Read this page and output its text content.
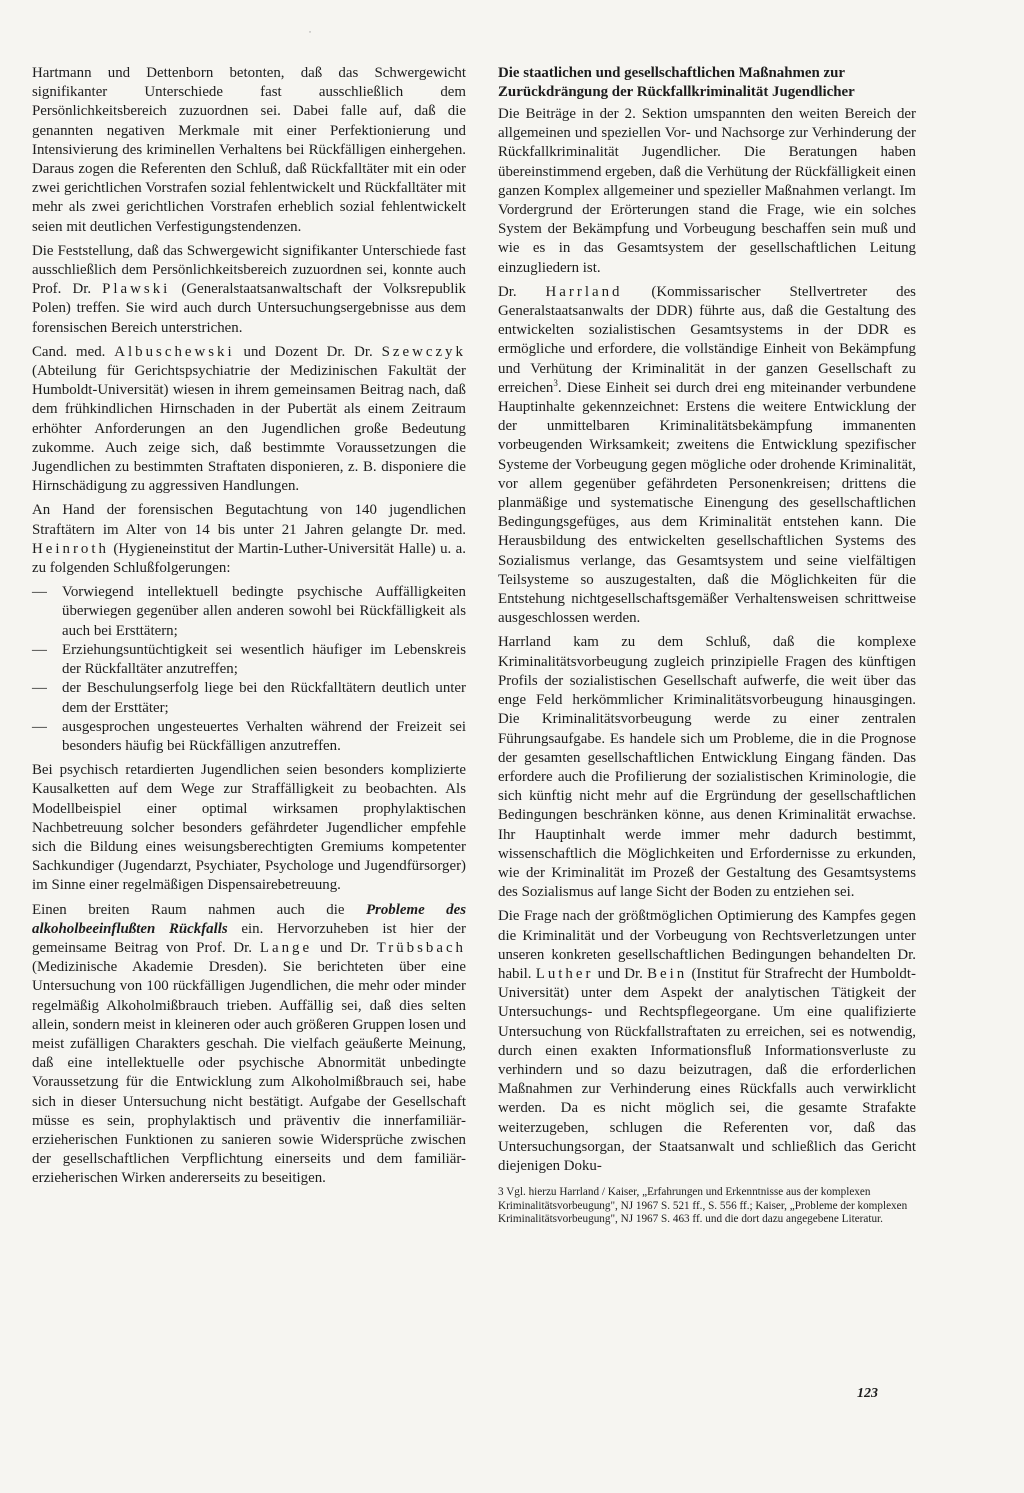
˙

Hartmann und Dettenborn betonten, daß das Schwergewicht signifikanter Unterschiede fast ausschließlich dem Persönlichkeitsbereich zuzuordnen sei. Dabei falle auf, daß die genannten negativen Merkmale mit einer Perfektionierung und Intensivierung des kriminellen Verhaltens bei Rückfälligen einhergehen. Daraus zogen die Referenten den Schluß, daß Rückfalltäter mit ein oder zwei gerichtlichen Vorstrafen sozial fehlentwickelt und Rückfalltäter mit mehr als zwei gerichtlichen Vorstrafen erheblich sozial fehlentwickelt seien mit deutlichen Verfestigungstendenzen.

Die Feststellung, daß das Schwergewicht signifikanter Unterschiede fast ausschließlich dem Persönlichkeitsbereich zuzuordnen sei, konnte auch Prof. Dr. Plawski (Generalstaatsanwaltschaft der Volksrepublik Polen) treffen. Sie wird auch durch Untersuchungsergebnisse aus dem forensischen Bereich unterstrichen.

Cand. med. Albuschewski und Dozent Dr. Dr. Szewczyk (Abteilung für Gerichtspsychiatrie der Medizinischen Fakultät der Humboldt-Universität) wiesen in ihrem gemeinsamen Beitrag nach, daß dem frühkindlichen Hirnschaden in der Pubertät als einem Zeitraum erhöhter Anforderungen an den Jugendlichen große Bedeutung zukomme. Auch zeige sich, daß bestimmte Voraussetzungen die Jugendlichen zu bestimmten Straftaten disponieren, z. B. disponiere die Hirnschädigung zu aggressiven Handlungen.

An Hand der forensischen Begutachtung von 140 jugendlichen Straftätern im Alter von 14 bis unter 21 Jahren gelangte Dr. med. Heinroth (Hygieneinstitut der Martin-Luther-Universität Halle) u. a. zu folgenden Schlußfolgerungen:

— Vorwiegend intellektuell bedingte psychische Auffälligkeiten überwiegen gegenüber allen anderen sowohl bei Rückfälligkeit als auch bei Ersttätern;
— Erziehungsuntüchtigkeit sei wesentlich häufiger im Lebenskreis der Rückfalltäter anzutreffen;
— der Beschulungserfolg liege bei den Rückfalltätern deutlich unter dem der Ersttäter;
— ausgesprochen ungesteuertes Verhalten während der Freizeit sei besonders häufig bei Rückfälligen anzutreffen.

Bei psychisch retardierten Jugendlichen seien besonders komplizierte Kausalketten auf dem Wege zur Straffälligkeit zu beobachten. Als Modellbeispiel einer optimal wirksamen prophylaktischen Nachbetreuung solcher besonders gefährdeter Jugendlicher empfehle sich die Bildung eines weisungsberechtigten Gremiums kompetenter Sachkundiger (Jugendarzt, Psychiater, Psychologe und Jugendfürsorger) im Sinne einer regelmäßigen Dispensairebetreuung.

Einen breiten Raum nahmen auch die Probleme des alkoholbeeinflußten Rückfalls ein. Hervorzuheben ist hier der gemeinsame Beitrag von Prof. Dr. Lange und Dr. Trübsbach (Medizinische Akademie Dresden). Sie berichteten über eine Untersuchung von 100 rückfälligen Jugendlichen, die mehr oder minder regelmäßig Alkoholmißbrauch trieben. Auffällig sei, daß dies selten allein, sondern meist in kleineren oder auch größeren Gruppen losen und meist zufälligen Charakters geschah. Die vielfach geäußerte Meinung, daß eine intellektuelle oder psychische Abnormität unbedingte Voraussetzung für die Entwicklung zum Alkoholmißbrauch sei, habe sich in dieser Untersuchung nicht bestätigt. Aufgabe der Gesellschaft müsse es sein, prophylaktisch und präventiv die innerfamiliär-erzieherischen Funktionen zu sanieren sowie Widersprüche zwischen der gesellschaftlichen Verpflichtung einerseits und dem familiär-erzieherischen Wirken andererseits zu beseitigen.

Die staatlichen und gesellschaftlichen Maßnahmen zur Zurückdrängung der Rückfallkriminalität Jugendlicher

Die Beiträge in der 2. Sektion umspannten den weiten Bereich der allgemeinen und speziellen Vor- und Nachsorge zur Verhinderung der Rückfallkriminalität Jugendlicher. Die Beratungen haben übereinstimmend ergeben, daß die Verhütung der Rückfälligkeit einen ganzen Komplex allgemeiner und spezieller Maßnahmen verlangt. Im Vordergrund der Erörterungen stand die Frage, wie ein solches System der Bekämpfung und Vorbeugung beschaffen sein muß und wie es in das Gesamtsystem der gesellschaftlichen Leitung einzugliedern ist.

Dr. Harrland (Kommissarischer Stellvertreter des Generalstaatsanwalts der DDR) führte aus, daß die Gestaltung des entwickelten sozialistischen Gesamtsystems in der DDR es ermögliche und erfordere, die vollständige Einheit von Bekämpfung und Verhütung der Kriminalität in der ganzen Gesellschaft zu erreichen$^3$. Diese Einheit sei durch drei eng miteinander verbundene Hauptinhalte gekennzeichnet: Erstens die weitere Entwicklung der der unmittelbaren Kriminalitätsbekämpfung immanenten vorbeugenden Wirksamkeit; zweitens die Entwicklung spezifischer Systeme der Vorbeugung gegen mögliche oder drohende Kriminalität, vor allem gegenüber gefährdeten Personenkreisen; drittens die planmäßige und systematische Einengung des gesellschaftlichen Bedingungsgefüges, aus dem Kriminalität entstehen kann. Die Herausbildung des entwickelten gesellschaftlichen Systems des Sozialismus verlange, das Gesamtsystem und seine vielfältigen Teilsysteme so auszugestalten, daß die Möglichkeiten für die Entstehung nichtgesellschaftsgemäßer Verhaltensweisen schrittweise ausgeschlossen werden.

Harrland kam zu dem Schluß, daß die komplexe Kriminalitätsvorbeugung zugleich prinzipielle Fragen des künftigen Profils der sozialistischen Gesellschaft aufwerfe, die weit über das enge Feld herkömmlicher Kriminalitätsvorbeugung hinausgingen. Die Kriminalitätsvorbeugung werde zu einer zentralen Führungsaufgabe. Es handele sich um Probleme, die in die Prognose der gesamten gesellschaftlichen Entwicklung Eingang fänden. Das erfordere auch die Profilierung der sozialistischen Kriminologie, die sich künftig nicht mehr auf die Ergründung der gesellschaftlichen Bedingungen beschränken könne, aus denen Kriminalität erwachse. Ihr Hauptinhalt werde immer mehr dadurch bestimmt, wissenschaftlich die Möglichkeiten und Erfordernisse zu erkunden, wie der Kriminalität im Prozeß der Gestaltung des Gesamtsystems des Sozialismus auf lange Sicht der Boden zu entziehen sei.

Die Frage nach der größtmöglichen Optimierung des Kampfes gegen die Kriminalität und der Vorbeugung von Rechtsverletzungen unter unseren konkreten gesellschaftlichen Bedingungen behandelten Dr. habil. Luther und Dr. Bein (Institut für Strafrecht der Humboldt-Universität) unter dem Aspekt der analytischen Tätigkeit der Untersuchungs- und Rechtspflegeorgane. Um eine qualifizierte Untersuchung von Rückfallstraftaten zu erreichen, sei es notwendig, durch einen exakten Informationsfluß Informationsverluste zu verhindern und so dazu beizutragen, daß die erforderlichen Maßnahmen zur Verhinderung eines Rückfalls auch verwirklicht werden. Da es nicht möglich sei, die gesamte Strafakte weiterzugeben, schlugen die Referenten vor, daß das Untersuchungsorgan, der Staatsanwalt und schließlich das Gericht diejenigen Doku-

3 Vgl. hierzu Harrland / Kaiser, „Erfahrungen und Erkenntnisse aus der komplexen Kriminalitätsvorbeugung", NJ 1967 S. 521 ff., S. 556 ff.; Kaiser, „Probleme der komplexen Kriminalitätsvorbeugung", NJ 1967 S. 463 ff. und die dort dazu angegebene Literatur.

123
